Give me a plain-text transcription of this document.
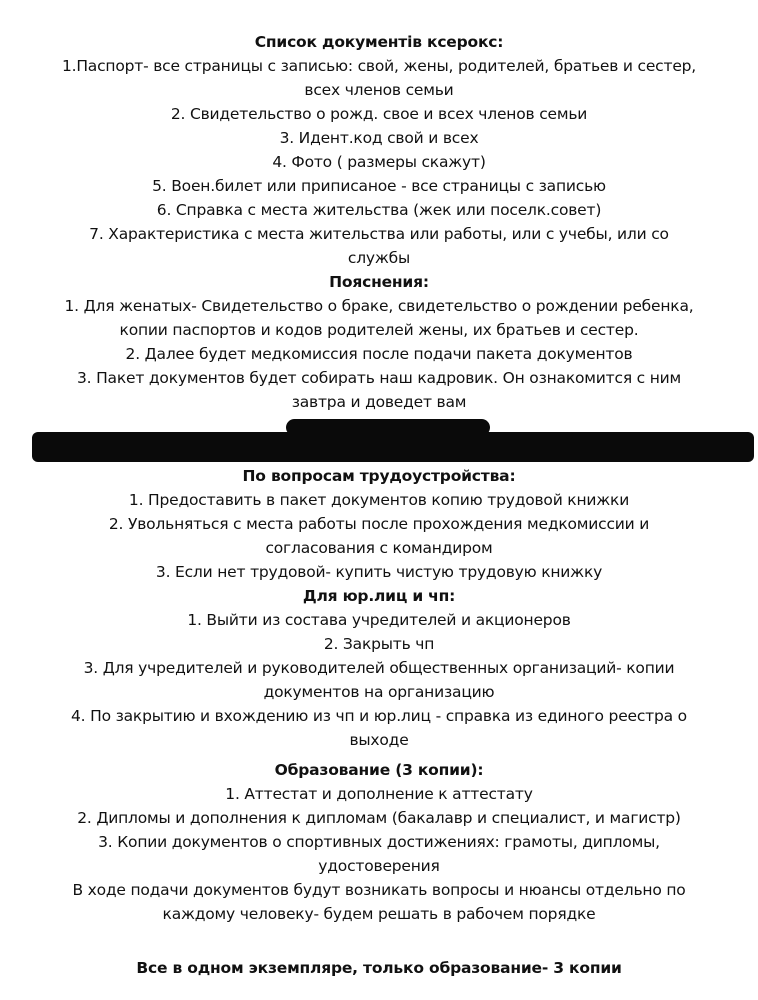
Список документів ксерокс:
1.Паспорт- все страницы с записью: свой, жены, родителей, братьев и сестер,
всех членов семьи
2. Свидетельство о рожд. свое и всех членов семьи
3. Идент.код свой и всех
4. Фото ( размеры скажут)
5. Воен.билет или приписаное - все страницы с записью
6. Справка с места жительства (жек или поселк.совет)
7. Характеристика с места жительства или работы, или с учебы, или со
службы
Пояснения:
1. Для женатых- Свидетельство о браке, свидетельство о рождении ребенка,
копии паспортов и кодов родителей жены, их братьев и сестер.
2. Далее будет медкомиссия после подачи пакета документов
3. Пакет документов будет собирать наш кадровик. Он ознакомится с ним
завтра и доведет вам
По вопросам трудоустройства:
1. Предоставить в пакет документов копию трудовой книжки
2. Увольняться с места работы после прохождения медкомиссии и
согласования с командиром
3. Если нет трудовой- купить чистую трудовую книжку
Для юр.лиц и чп:
1. Выйти из состава учредителей и акционеров
2. Закрыть чп
3. Для учредителей и руководителей общественных организаций- копии
документов на организацию
4. По закрытию и вхождению из чп и юр.лиц - справка из единого реестра о
выходе
Образование (3 копии):
1. Аттестат и дополнение к аттестату
2. Дипломы и дополнения к дипломам (бакалавр и специалист, и магистр)
3. Копии документов о спортивных достижениях: грамоты, дипломы,
удостоверения
В ходе подачи документов будут возникать вопросы и нюансы отдельно по
каждому человеку- будем решать в рабочем порядке
Все в одном экземпляре, только образование- 3 копии
